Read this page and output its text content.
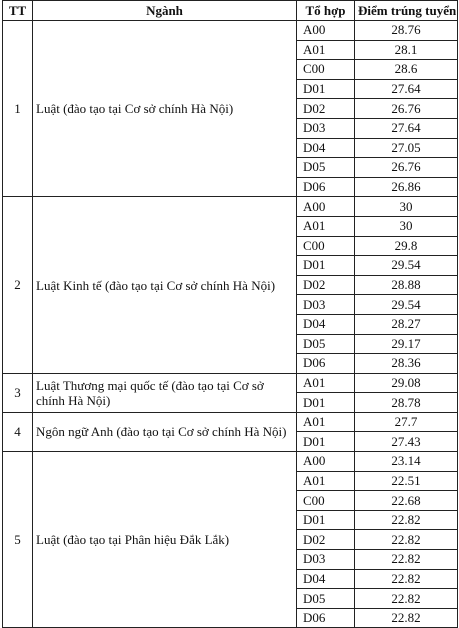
TT	Ngành	Tổ hợp	Điểm trúng tuyển
1	Luật (đào tạo tại Cơ sở chính Hà Nội)	A00	28.76
		A01	28.1
		C00	28.6
		D01	27.64
		D02	26.76
		D03	27.64
		D04	27.05
		D05	26.76
		D06	26.86
2	Luật Kinh tế (đào tạo tại Cơ sở chính Hà Nội)	A00	30
		A01	30
		C00	29.8
		D01	29.54
		D02	28.88
		D03	29.54
		D04	28.27
		D05	29.17
		D06	28.36
3	Luật Thương mại quốc tế (đào tạo tại Cơ sở chính Hà Nội)	A01	29.08
		D01	28.78
4	Ngôn ngữ Anh (đào tạo tại Cơ sở chính Hà Nội)	A01	27.7
		D01	27.43
5	Luật (đào tạo tại Phân hiệu Đắk Lắk)	A00	23.14
		A01	22.51
		C00	22.68
		D01	22.82
		D02	22.82
		D03	22.82
		D04	22.82
		D05	22.82
		D06	22.82
